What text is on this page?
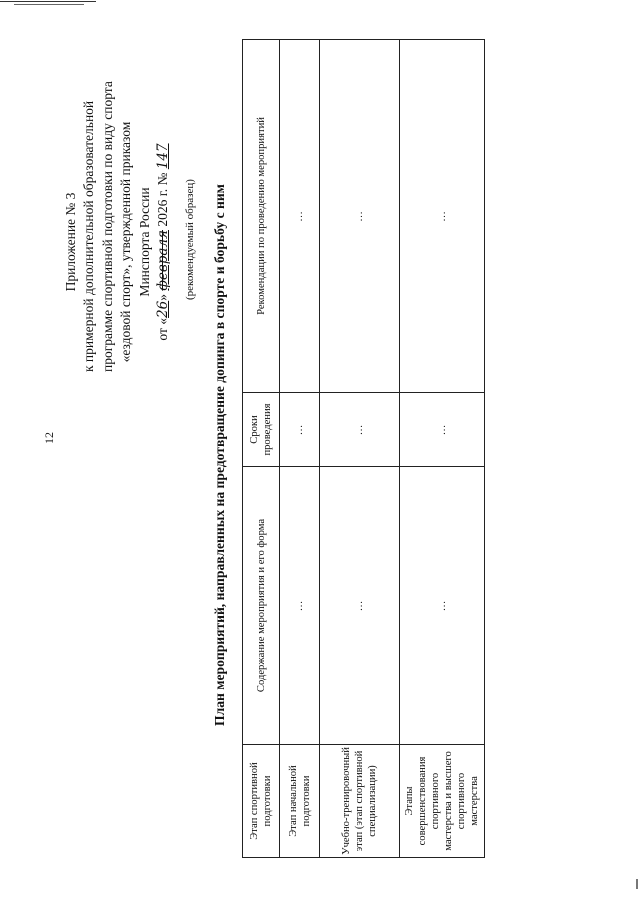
12
Приложение № 3 к примерной дополнительной образовательной программе спортивной подготовки по виду спорта «ездовой спорт», утвержденной приказом Минспорта России
от «26» февраля 2026 г. № 147
(рекомендуемый образец) План мероприятий, направленных на предотвращение допинга в спорте и борьбу с ним
Этап спортивной подготовки	Содержание мероприятия и его форма	Сроки проведения	Рекомендации по проведению мероприятий
Этап начальной подготовки	…	…	…
Учебно-тренировочный этап (этап спортивной специализации)	…	…	…
Этапы совершенствования спортивного мастерства и высшего спортивного мастерства	…	…	…
